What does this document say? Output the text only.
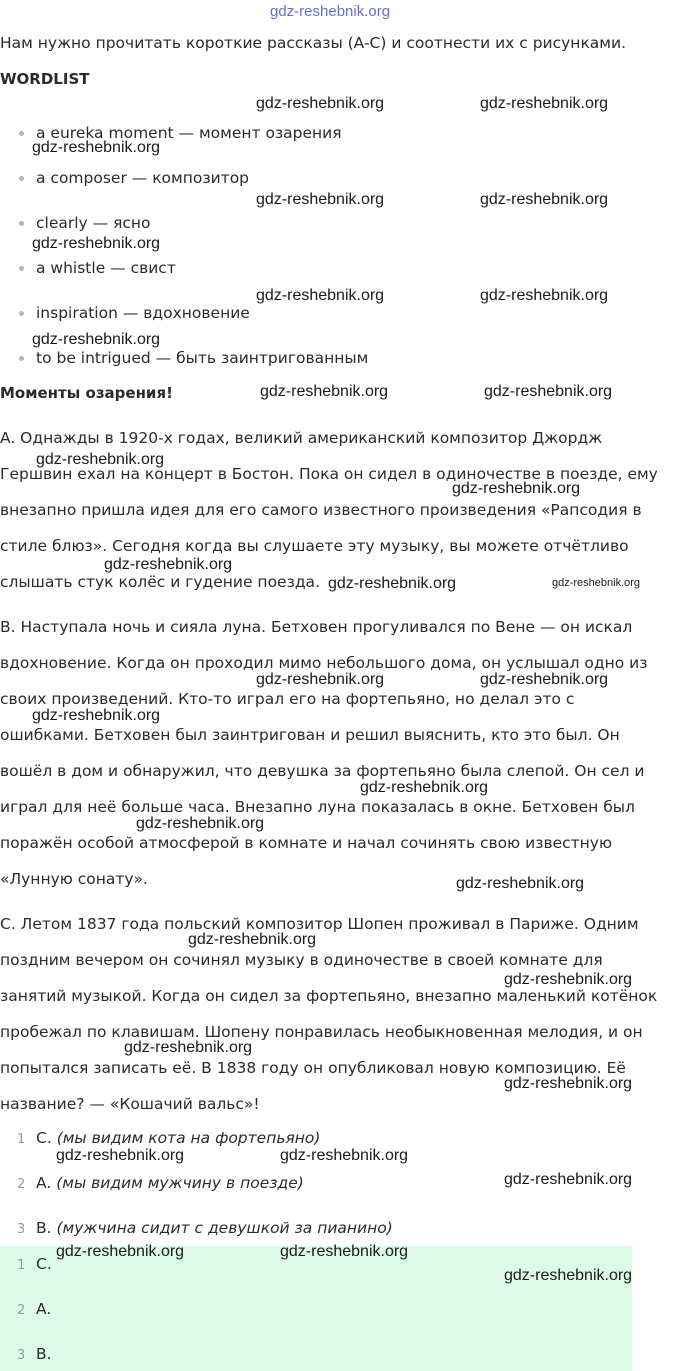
Нам нужно прочитать короткие рассказы (A-C) и соотнести их с рисунками.
WORDLIST
a eureka moment — момент озарения
a composer — композитор
clearly — ясно
a whistle — свист
inspiration — вдохновение
to be intrigued — быть заинтригованным
Моменты озарения!
A. Однажды в 1920-х годах, великий американский композитор Джордж
Гершвин ехал на концерт в Бостон. Пока он сидел в одиночестве в поезде, ему
внезапно пришла идея для его самого известного произведения «Рапсодия в
стиле блюз». Сегодня когда вы слушаете эту музыку, вы можете отчётливо
слышать стук колёс и гудение поезда.
B. Наступала ночь и сияла луна. Бетховен прогуливался по Вене — он искал
вдохновение. Когда он проходил мимо небольшого дома, он услышал одно из
своих произведений. Кто-то играл его на фортепьяно, но делал это с
ошибками. Бетховен был заинтригован и решил выяснить, кто это был. Он
вошёл в дом и обнаружил, что девушка за фортепьяно была слепой. Он сел и
играл для неё больше часа. Внезапно луна показалась в окне. Бетховен был
поражён особой атмосферой в комнате и начал сочинять свою известную
«Лунную сонату».
C. Летом 1837 года польский композитор Шопен проживал в Париже. Одним
поздним вечером он сочинял музыку в одиночестве в своей комнате для
занятий музыкой. Когда он сидел за фортепьяно, внезапно маленький котёнок
пробежал по клавишам. Шопену понравилась необыкновенная мелодия, и он
попытался записать её. В 1838 году он опубликовал новую композицию. Её
название? — «Кошачий вальс»!
1 C. (мы видим кота на фортепьяно)
2 A. (мы видим мужчину в поезде)
3 B. (мужчина сидит с девушкой за пианино)
1 C.
2 A.
3 B.
gdz-reshebnik.org
gdz-reshebnik.org	gdz-reshebnik.org
gdz-reshebnik.org
gdz-reshebnik.org	gdz-reshebnik.org
gdz-reshebnik.org
gdz-reshebnik.org	gdz-reshebnik.org
gdz-reshebnik.org
gdz-reshebnik.org	gdz-reshebnik.org
gdz-reshebnik.org
gdz-reshebnik.org
gdz-reshebnik.org
gdz-reshebnik.org	gdz-reshebnik.org
gdz-reshebnik.org	gdz-reshebnik.org
gdz-reshebnik.org
gdz-reshebnik.org
gdz-reshebnik.org
gdz-reshebnik.org
gdz-reshebnik.org
gdz-reshebnik.org
gdz-reshebnik.org
gdz-reshebnik.org
gdz-reshebnik.org	gdz-reshebnik.org
gdz-reshebnik.org
gdz-reshebnik.org	gdz-reshebnik.org
gdz-reshebnik.org
